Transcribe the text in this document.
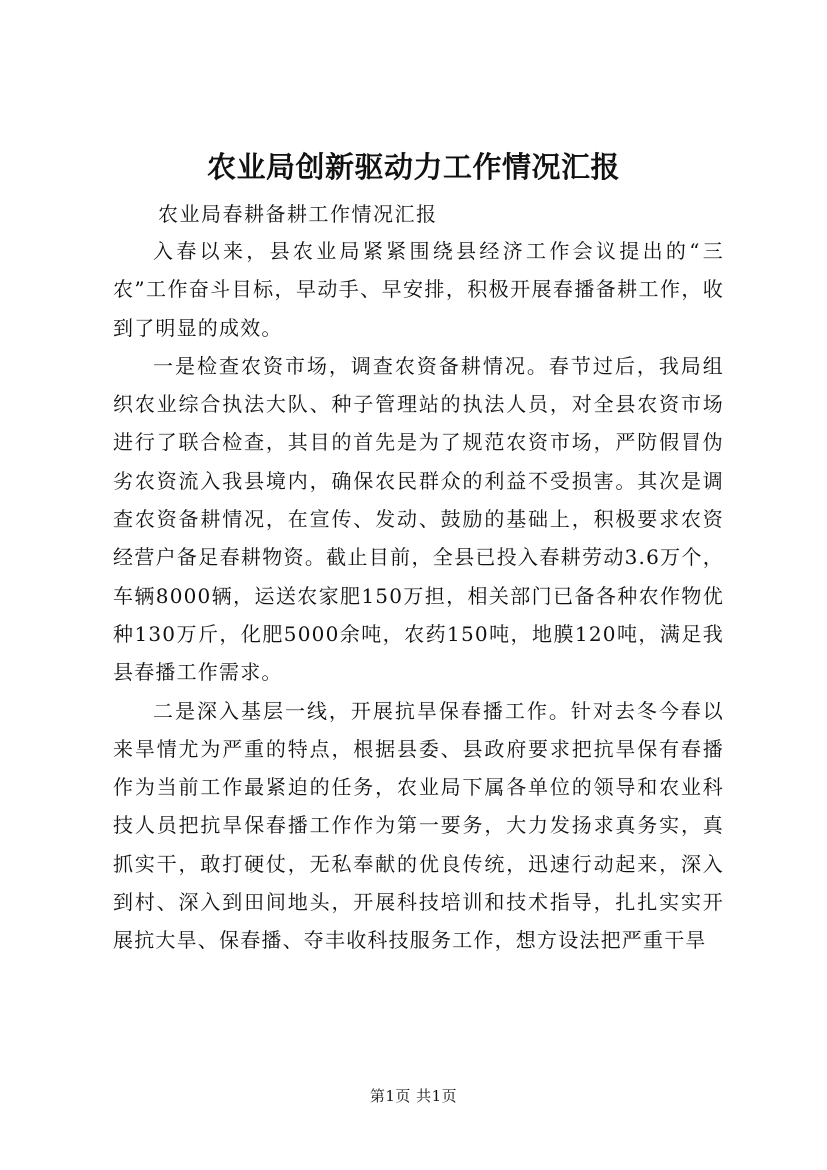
农业局创新驱动力工作情况汇报
农业局春耕备耕工作情况汇报

入春以来，县农业局紧紧围绕县经济工作会议提出的“三农”工作奋斗目标，早动手、早安排，积极开展春播备耕工作，收到了明显的成效。

一是检查农资市场，调查农资备耕情况。春节过后，我局组织农业综合执法大队、种子管理站的执法人员，对全县农资市场进行了联合检查，其目的首先是为了规范农资市场，严防假冒伪劣农资流入我县境内，确保农民群众的利益不受损害。其次是调查农资备耕情况，在宣传、发动、鼓励的基础上，积极要求农资经营户备足春耕物资。截止目前，全县已投入春耕劳动3.6万个，车辆8000辆，运送农家肥150万担，相关部门已备各种农作物优种130万斤，化肥5000余吨，农药150吨，地膜120吨，满足我县春播工作需求。

二是深入基层一线，开展抗旱保春播工作。针对去冬今春以来旱情尤为严重的特点，根据县委、县政府要求把抗旱保有春播作为当前工作最紧迫的任务，农业局下属各单位的领导和农业科技人员把抗旱保春播工作作为第一要务，大力发扬求真务实，真抓实干，敢打硬仗，无私奉献的优良传统，迅速行动起来，深入到村、深入到田间地头，开展科技培训和技术指导，扎扎实实开展抗大旱、保春播、夺丰收科技服务工作，想方设法把严重干旱

第1页 共1页
